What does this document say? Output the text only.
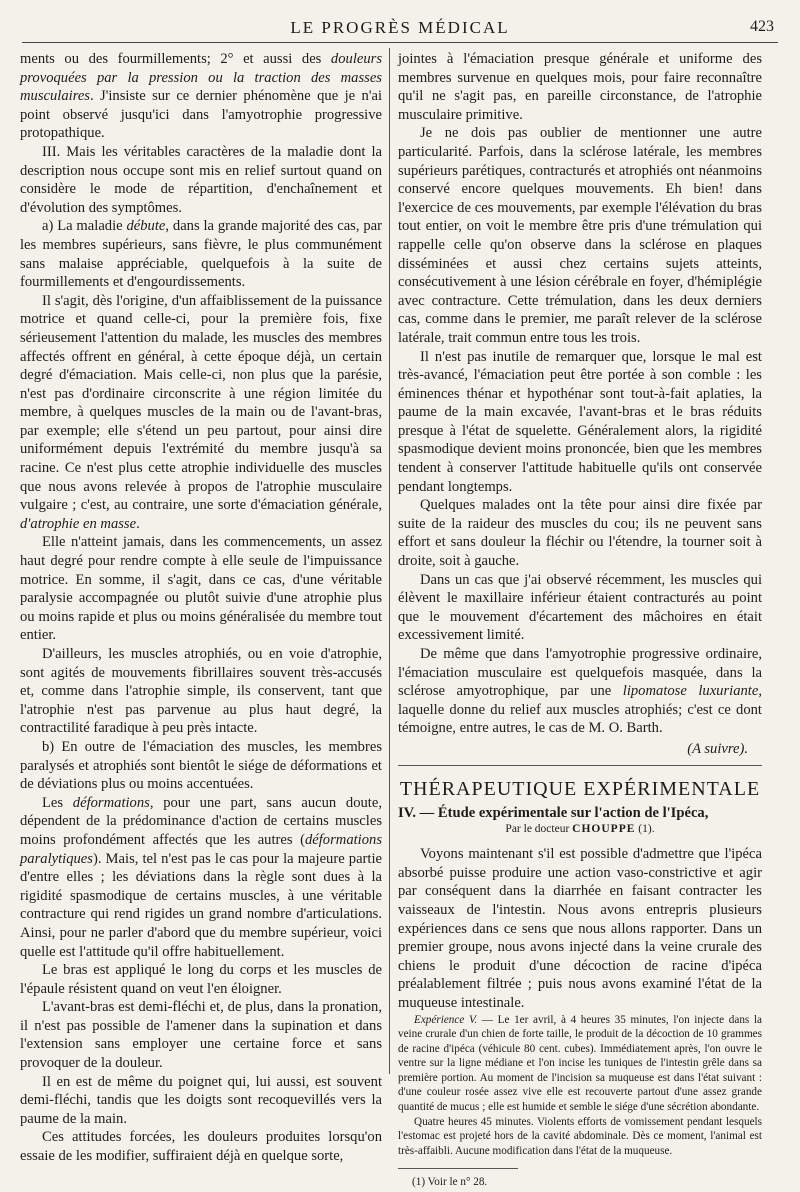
LE PROGRÈS MÉDICAL	423

ments ou des fourmillements; 2° et aussi des douleurs provoquées par la pression ou la traction des masses musculaires. J'insiste sur ce dernier phénomène que je n'ai point observé jusqu'ici dans l'amyotrophie progressive protopathique.

III. Mais les véritables caractères de la maladie dont la description nous occupe sont mis en relief surtout quand on considère le mode de répartition, d'enchaînement et d'évolution des symptômes.

a) La maladie débute, dans la grande majorité des cas, par les membres supérieurs, sans fièvre, le plus communément sans malaise appréciable, quelquefois à la suite de fourmillements et d'engourdissements.

Il s'agit, dès l'origine, d'un affaiblissement de la puissance motrice et quand celle-ci, pour la première fois, fixe sérieusement l'attention du malade, les muscles des membres affectés offrent en général, à cette époque déjà, un certain degré d'émaciation. Mais celle-ci, non plus que la parésie, n'est pas d'ordinaire circonscrite à une région limitée du membre, à quelques muscles de la main ou de l'avant-bras, par exemple; elle s'étend un peu partout, pour ainsi dire uniformément depuis l'extrémité du membre jusqu'à sa racine. Ce n'est plus cette atrophie individuelle des muscles que nous avons relevée à propos de l'atrophie musculaire vulgaire ; c'est, au contraire, une sorte d'émaciation générale, d'atrophie en masse.

Elle n'atteint jamais, dans les commencements, un assez haut degré pour rendre compte à elle seule de l'impuissance motrice. En somme, il s'agit, dans ce cas, d'une véritable paralysie accompagnée ou plutôt suivie d'une atrophie plus ou moins rapide et plus ou moins généralisée du membre tout entier.

D'ailleurs, les muscles atrophiés, ou en voie d'atrophie, sont agités de mouvements fibrillaires souvent très-accusés et, comme dans l'atrophie simple, ils conservent, tant que l'atrophie n'est pas parvenue au plus haut degré, la contractilité faradique à peu près intacte.

b) En outre de l'émaciation des muscles, les membres paralysés et atrophiés sont bientôt le siége de déformations et de déviations plus ou moins accentuées.

Les déformations, pour une part, sans aucun doute, dépendent de la prédominance d'action de certains muscles moins profondément affectés que les autres (déformations paralytiques). Mais, tel n'est pas le cas pour la majeure partie d'entre elles ; les déviations dans la règle sont dues à la rigidité spasmodique de certains muscles, à une véritable contracture qui rend rigides un grand nombre d'articulations. Ainsi, pour ne parler d'abord que du membre supérieur, voici quelle est l'attitude qu'il offre habituellement.

Le bras est appliqué le long du corps et les muscles de l'épaule résistent quand on veut l'en éloigner.

L'avant-bras est demi-fléchi et, de plus, dans la pronation, il n'est pas possible de l'amener dans la supination et dans l'extension sans employer une certaine force et sans provoquer de la douleur.

Il en est de même du poignet qui, lui aussi, est souvent demi-fléchi, tandis que les doigts sont recoquevillés vers la paume de la main.

Ces attitudes forcées, les douleurs produites lorsqu'on essaie de les modifier, suffiraient déjà en quelque sorte,

jointes à l'émaciation presque générale et uniforme des membres survenue en quelques mois, pour faire reconnaître qu'il ne s'agit pas, en pareille circonstance, de l'atrophie musculaire primitive.

Je ne dois pas oublier de mentionner une autre particularité. Parfois, dans la sclérose latérale, les membres supérieurs parétiques, contracturés et atrophiés ont néanmoins conservé encore quelques mouvements. Eh bien! dans l'exercice de ces mouvements, par exemple l'élévation du bras tout entier, on voit le membre être pris d'une trémulation qui rappelle celle qu'on observe dans la sclérose en plaques disséminées et aussi chez certains sujets atteints, consécutivement à une lésion cérébrale en foyer, d'hémiplégie avec contracture. Cette trémulation, dans les deux derniers cas, comme dans le premier, me paraît relever de la sclérose latérale, trait commun entre tous les trois.

Il n'est pas inutile de remarquer que, lorsque le mal est très-avancé, l'émaciation peut être portée à son comble : les éminences thénar et hypothénar sont tout-à-fait aplaties, la paume de la main excavée, l'avant-bras et le bras réduits presque à l'état de squelette. Généralement alors, la rigidité spasmodique devient moins prononcée, bien que les membres tendent à conserver l'attitude habituelle qu'ils ont conservée pendant longtemps.

Quelques malades ont la tête pour ainsi dire fixée par suite de la raideur des muscles du cou; ils ne peuvent sans effort et sans douleur la fléchir ou l'étendre, la tourner soit à droite, soit à gauche.

Dans un cas que j'ai observé récemment, les muscles qui élèvent le maxillaire inférieur étaient contracturés au point que le mouvement d'écartement des mâchoires en était excessivement limité.

De même que dans l'amyotrophie progressive ordinaire, l'émaciation musculaire est quelquefois masquée, dans la sclérose amyotrophique, par une lipomatose luxuriante, laquelle donne du relief aux muscles atrophiés; c'est ce dont témoigne, entre autres, le cas de M. O. Barth.

(A suivre).
THÉRAPEUTIQUE EXPÉRIMENTALE

IV. — Étude expérimentale sur l'action de l'Ipéca,

Par le docteur CHOUPPE (1).

Voyons maintenant s'il est possible d'admettre que l'ipéca absorbé puisse produire une action vaso-constrictive et agir par conséquent dans la diarrhée en faisant contracter les vaisseaux de l'intestin. Nous avons entrepris plusieurs expériences dans ce sens que nous allons rapporter. Dans un premier groupe, nous avons injecté dans la veine crurale des chiens le produit d'une décoction de racine d'ipéca préalablement filtrée ; puis nous avons examiné l'état de la muqueuse intestinale.

Expérience V. — Le 1er avril, à 4 heures 35 minutes, l'on injecte dans la veine crurale d'un chien de forte taille, le produit de la décoction de 10 grammes de racine d'ipéca (véhicule 80 cent. cubes). Immédiatement après, l'on ouvre le ventre sur la ligne médiane et l'on incise les tuniques de l'intestin grêle dans sa première portion. Au moment de l'incision sa muqueuse est dans l'état suivant : d'une couleur rosée assez vive elle est recouverte partout d'une assez grande quantité de mucus ; elle est humide et semble le siége d'une sécrétion abondante.

Quatre heures 45 minutes. Violents efforts de vomissement pendant lesquels l'estomac est projeté hors de la cavité abdominale. Dès ce moment, l'animal est très-affaibli. Aucune modification dans l'état de la muqueuse.

(1) Voir le n° 28.
